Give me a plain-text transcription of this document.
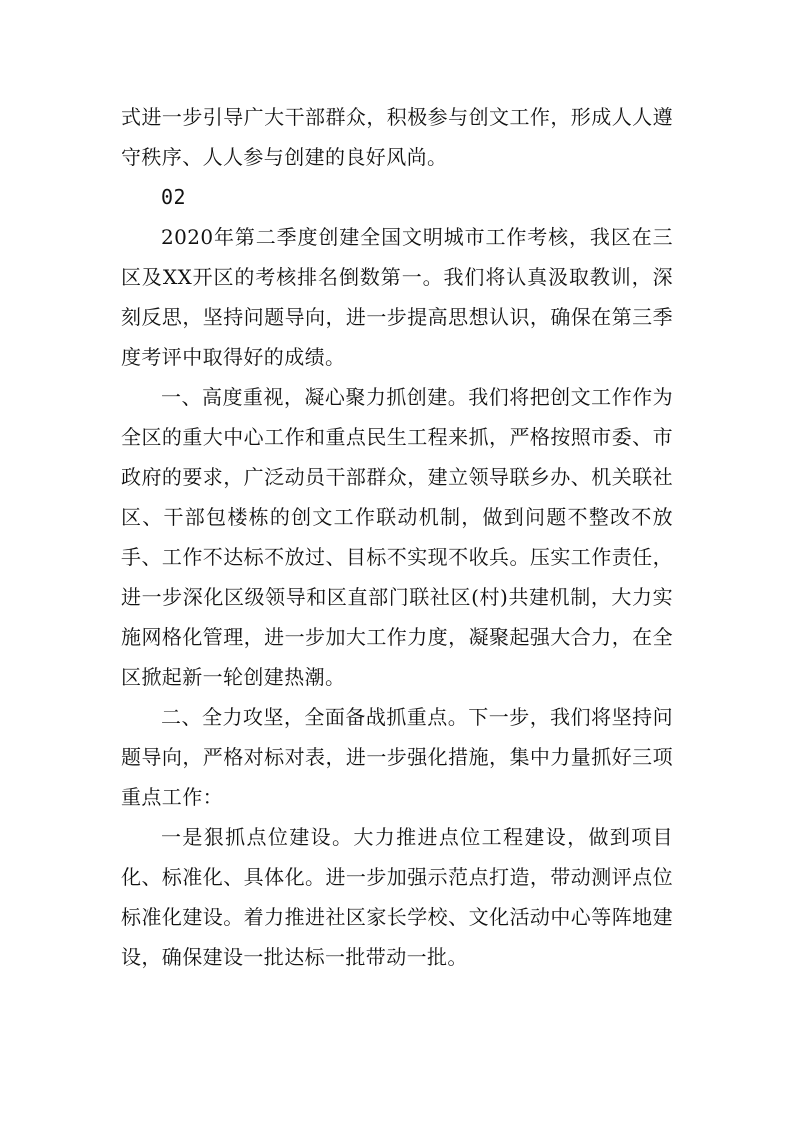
式进一步引导广大干部群众，积极参与创文工作，形成人人遵守秩序、人人参与创建的良好风尚。

02

2020年第二季度创建全国文明城市工作考核，我区在三区及XX开区的考核排名倒数第一。我们将认真汲取教训，深刻反思，坚持问题导向，进一步提高思想认识，确保在第三季度考评中取得好的成绩。

一、高度重视，凝心聚力抓创建。我们将把创文工作作为全区的重大中心工作和重点民生工程来抓，严格按照市委、市政府的要求，广泛动员干部群众，建立领导联乡办、机关联社区、干部包楼栋的创文工作联动机制，做到问题不整改不放手、工作不达标不放过、目标不实现不收兵。压实工作责任，进一步深化区级领导和区直部门联社区(村)共建机制，大力实施网格化管理，进一步加大工作力度，凝聚起强大合力，在全区掀起新一轮创建热潮。

二、全力攻坚，全面备战抓重点。下一步，我们将坚持问题导向，严格对标对表，进一步强化措施，集中力量抓好三项重点工作：

一是狠抓点位建设。大力推进点位工程建设，做到项目化、标准化、具体化。进一步加强示范点打造，带动测评点位标准化建设。着力推进社区家长学校、文化活动中心等阵地建设，确保建设一批达标一批带动一批。
